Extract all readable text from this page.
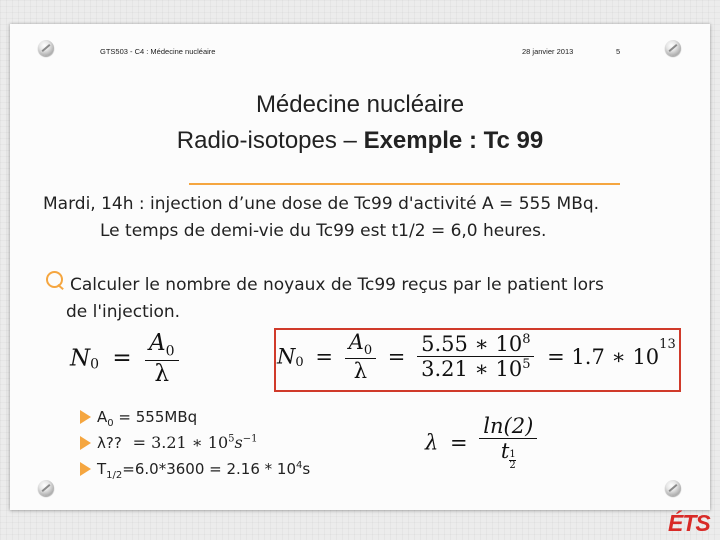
GTS503 - C4 : Médecine nucléaire	28 janvier 2013	5
Médecine nucléaire
Radio-isotopes – Exemple : Tc 99
Mardi, 14h : injection d’une dose de Tc99 d'activité A = 555 MBq.
Le temps de demi-vie du Tc99 est t1/2 = 6,0 heures.
Calculer le nombre de noyaux de Tc99 reçus par le patient lors
de l'injection.
$N_0 = \frac{A_0}{\lambda}$	$N_0 = \frac{A_0}{\lambda} = \frac{5.55 ∗ 10^8}{3.21 ∗ 10^5} = 1.7$ ∗ $10^{13}$
$A_0 = 555MBq$
λ?? = 3.21 ∗ $10^5s^{-1}$
$T_{1/2}=6.0*3600 = 2.16 * 10^4s$
$\lambda = \frac{\ln(2)}{t \frac{1}{2}}$
ÉTS
